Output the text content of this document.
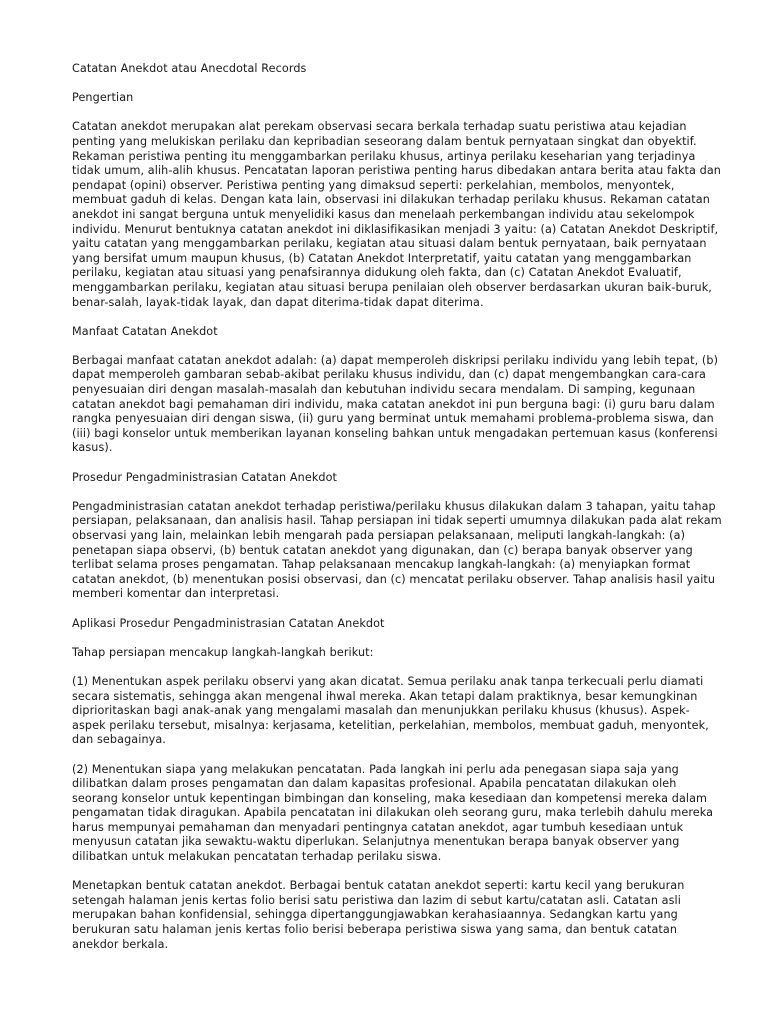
Catatan Anekdot atau Anecdotal Records

Pengertian

Catatan anekdot merupakan alat perekam observasi secara berkala terhadap suatu peristiwa atau kejadian penting yang melukiskan perilaku dan kepribadian seseorang dalam bentuk pernyataan singkat dan obyektif. Rekaman peristiwa penting itu menggambarkan perilaku khusus, artinya perilaku keseharian yang terjadinya tidak umum, alih-alih khusus. Pencatatan laporan peristiwa penting harus dibedakan antara berita atau fakta dan pendapat (opini) observer. Peristiwa penting yang dimaksud seperti: perkelahian, membolos, menyontek, membuat gaduh di kelas. Dengan kata lain, observasi ini dilakukan terhadap perilaku khusus. Rekaman catatan anekdot ini sangat berguna untuk menyelidiki kasus dan menelaah perkembangan individu atau sekelompok individu. Menurut bentuknya catatan anekdot ini diklasifikasikan menjadi 3 yaitu: (a) Catatan Anekdot Deskriptif, yaitu catatan yang menggambarkan perilaku, kegiatan atau situasi dalam bentuk pernyataan, baik pernyataan yang bersifat umum maupun khusus, (b) Catatan Anekdot Interpretatif, yaitu catatan yang menggambarkan perilaku, kegiatan atau situasi yang penafsirannya didukung oleh fakta, dan (c) Catatan Anekdot Evaluatif, menggambarkan perilaku, kegiatan atau situasi berupa penilaian oleh observer berdasarkan ukuran baik-buruk, benar-salah, layak-tidak layak, dan dapat diterima-tidak dapat diterima.

Manfaat Catatan Anekdot

Berbagai manfaat catatan anekdot adalah: (a) dapat memperoleh diskripsi perilaku individu yang lebih tepat, (b) dapat memperoleh gambaran sebab-akibat perilaku khusus individu, dan (c) dapat mengembangkan cara-cara penyesuaian diri dengan masalah-masalah dan kebutuhan individu secara mendalam. Di samping, kegunaan catatan anekdot bagi pemahaman diri individu, maka catatan anekdot ini pun berguna bagi: (i) guru baru dalam rangka penyesuaian diri dengan siswa, (ii) guru yang berminat untuk memahami problema-problema siswa, dan (iii) bagi konselor untuk memberikan layanan konseling bahkan untuk mengadakan pertemuan kasus (konferensi kasus).

Prosedur Pengadministrasian Catatan Anekdot

Pengadministrasian catatan anekdot terhadap peristiwa/perilaku khusus dilakukan dalam 3 tahapan, yaitu tahap persiapan, pelaksanaan, dan analisis hasil. Tahap persiapan ini tidak seperti umumnya dilakukan pada alat rekam observasi yang lain, melainkan lebih mengarah pada persiapan pelaksanaan, meliputi langkah-langkah: (a) penetapan siapa observi, (b) bentuk catatan anekdot yang digunakan, dan (c) berapa banyak observer yang terlibat selama proses pengamatan. Tahap pelaksanaan mencakup langkah-langkah: (a) menyiapkan format catatan anekdot, (b) menentukan posisi observasi, dan (c) mencatat perilaku observer. Tahap analisis hasil yaitu memberi komentar dan interpretasi.

Aplikasi Prosedur Pengadministrasian Catatan Anekdot

Tahap persiapan mencakup langkah-langkah berikut:

(1) Menentukan aspek perilaku observi yang akan dicatat. Semua perilaku anak tanpa terkecuali perlu diamati secara sistematis, sehingga akan mengenal ihwal mereka. Akan tetapi dalam praktiknya, besar kemungkinan diprioritaskan bagi anak-anak yang mengalami masalah dan menunjukkan perilaku khusus (khusus). Aspek-aspek perilaku tersebut, misalnya: kerjasama, ketelitian, perkelahian, membolos, membuat gaduh, menyontek, dan sebagainya.

(2) Menentukan siapa yang melakukan pencatatan. Pada langkah ini perlu ada penegasan siapa saja yang dilibatkan dalam proses pengamatan dan dalam kapasitas profesional. Apabila pencatatan dilakukan oleh seorang konselor untuk kepentingan bimbingan dan konseling, maka kesediaan dan kompetensi mereka dalam pengamatan tidak diragukan. Apabila pencatatan ini dilakukan oleh seorang guru, maka terlebih dahulu mereka harus mempunyai pemahaman dan menyadari pentingnya catatan anekdot, agar tumbuh kesediaan untuk menyusun catatan jika sewaktu-waktu diperlukan. Selanjutnya menentukan berapa banyak observer yang dilibatkan untuk melakukan pencatatan terhadap perilaku siswa.

Menetapkan bentuk catatan anekdot. Berbagai bentuk catatan anekdot seperti: kartu kecil yang berukuran setengah halaman jenis kertas folio berisi satu peristiwa dan lazim di sebut kartu/catatan asli. Catatan asli merupakan bahan konfidensial, sehingga dipertanggungjawabkan kerahasiaannya. Sedangkan kartu yang berukuran satu halaman jenis kertas folio berisi beberapa peristiwa siswa yang sama, dan bentuk catatan anekdor berkala.
